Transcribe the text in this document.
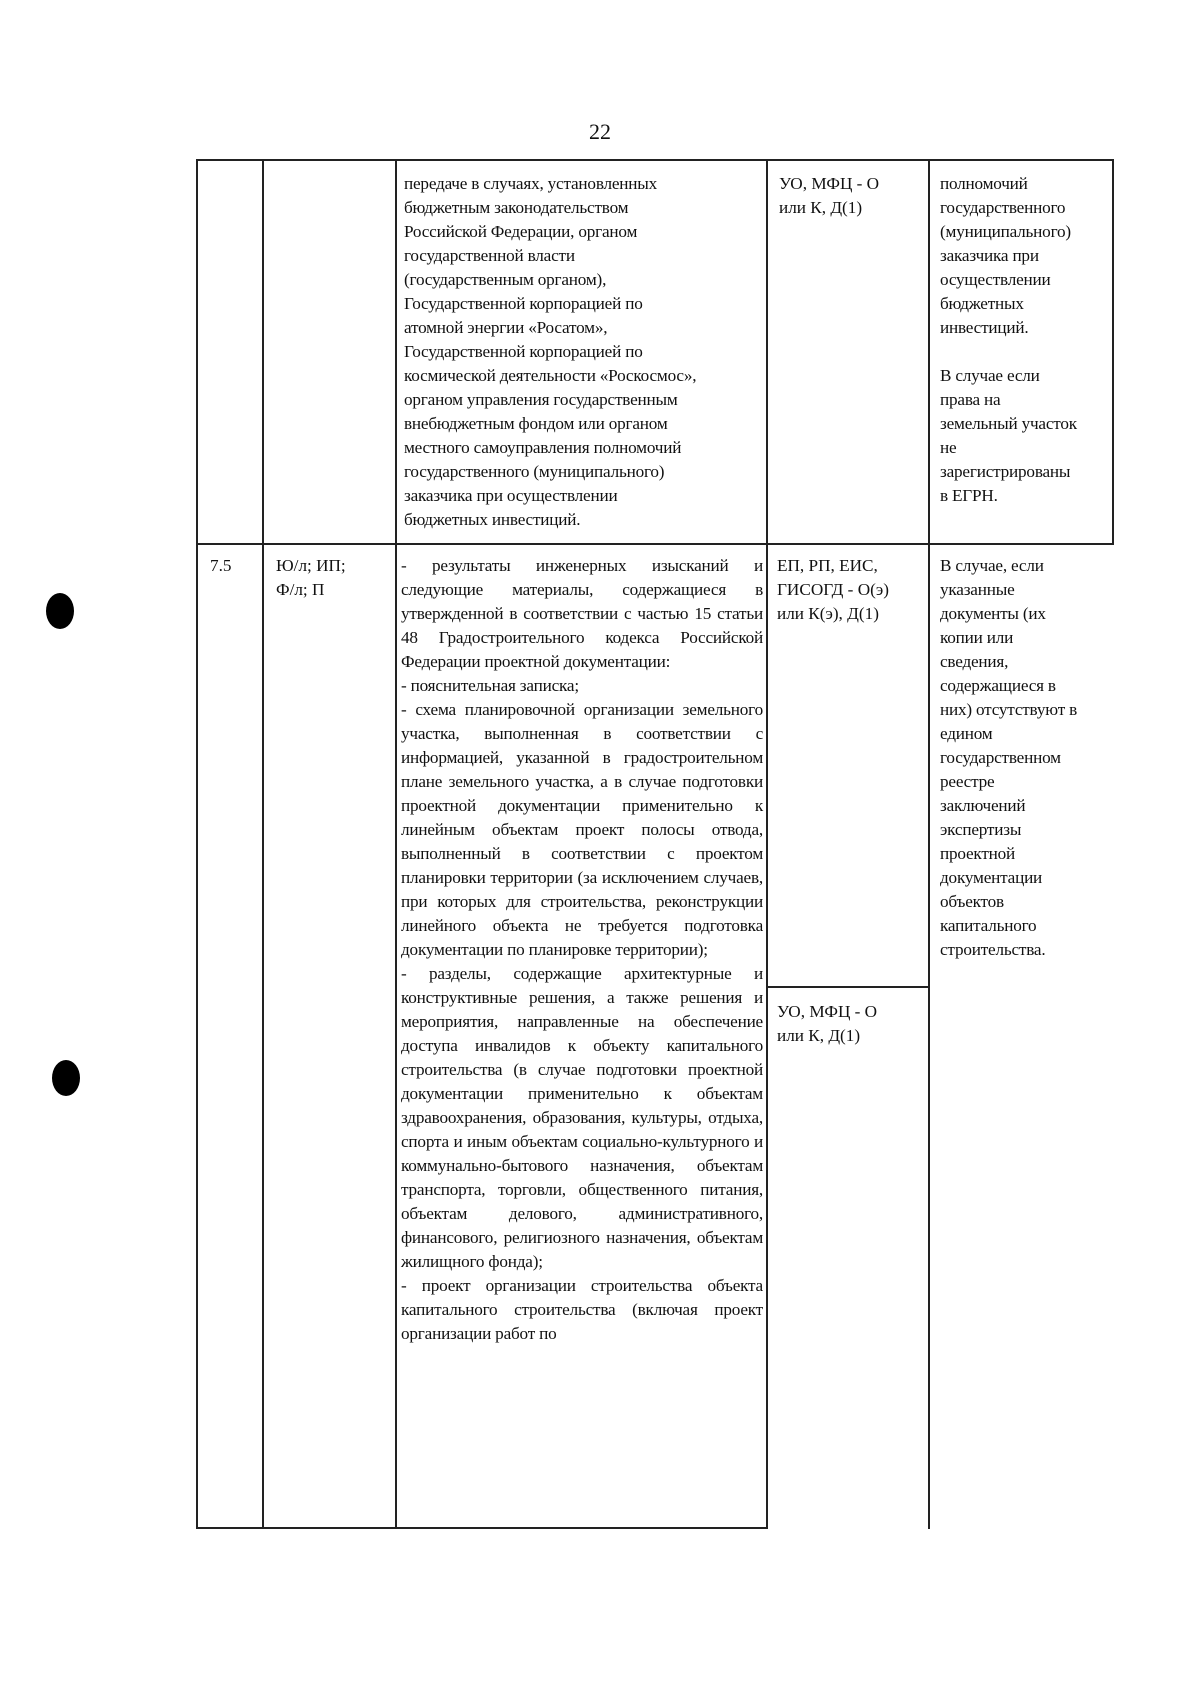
22
передаче в случаях, установленных
бюджетным законодательством
Российской Федерации, органом
государственной власти
(государственным органом),
Государственной корпорацией по
атомной энергии «Росатом»,
Государственной корпорацией по
космической деятельности «Роскосмос»,
органом управления государственным
внебюджетным фондом или органом
местного самоуправления полномочий
государственного (муниципального)
заказчика при осуществлении
бюджетных инвестиций.
УО, МФЦ - О
или К, Д(1)
полномочий
государственного
(муниципального)
заказчика при
осуществлении
бюджетных
инвестиций.

В случае если
права на
земельный участок
не
зарегистрированы
в ЕГРН.
7.5	Ю/л; ИП;
Ф/л; П
- результаты инженерных изысканий и следующие материалы, содержащиеся в утвержденной в соответствии с частью 15 статьи 48 Градостроительного кодекса Российской Федерации проектной документации:
- пояснительная записка;
- схема планировочной организации земельного участка, выполненная в соответствии с информацией, указанной в градостроительном плане земельного участка, а в случае подготовки проектной документации применительно к линейным объектам проект полосы отвода, выполненный в соответствии с проектом планировки территории (за исключением случаев, при которых для строительства, реконструкции линейного объекта не требуется подготовка документации по планировке территории);
- разделы, содержащие архитектурные и конструктивные решения, а также решения и мероприятия, направленные на обеспечение доступа инвалидов к объекту капитального строительства (в случае подготовки проектной документации применительно к объектам здравоохранения, образования, культуры, отдыха, спорта и иным объектам социально-культурного и коммунально-бытового назначения, объектам транспорта, торговли, общественного питания, объектам делового, административного, финансового, религиозного назначения, объектам жилищного фонда);
- проект организации строительства объекта капитального строительства (включая проект организации работ по
ЕП, РП, ЕИС,
ГИСОГД - О(э)
или К(э), Д(1)
УО, МФЦ - О
или К, Д(1)
В случае, если
указанные
документы (их
копии или
сведения,
содержащиеся в
них) отсутствуют в
едином
государственном
реестре
заключений
экспертизы
проектной
документации
объектов
капитального
строительства.
